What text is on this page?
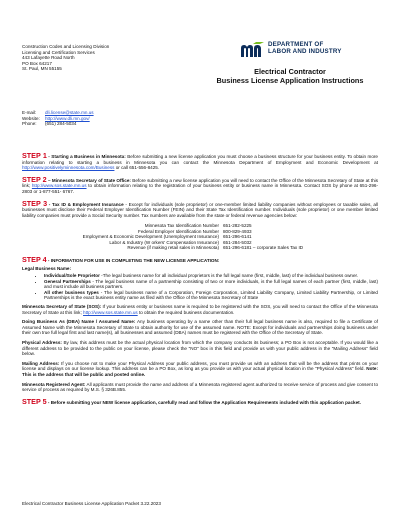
Construction Codes and Licensing Division
Licensing and Certification Services
443 Lafayette Road North
PO Box 64217
St. Paul, MN 55155
DEPARTMENT OF
LABOR AND INDUSTRY
Electrical Contractor
Business License Application Instructions
E-mail:	dli.license@state.mn.us
Website:	http://www.dli.mn.gov/
Phone:	(651) 284-5034
STEP 1 - Starting a Business in Minnesota: Before submitting a new license application you must choose a business structure for your business entity. To obtain more information relating to starting a business in Minnesota you can contact the Minnesota Department of Employment and Economic Development at http://www.positivelyminnesota.com/Business or call 651-556-8425.
STEP 2 – Minnesota Secretary of State Office: Before submitting a new license application you will need to contact the Office of the Minnesota Secretary of State at this link; http://www.sos.state.mn.us to obtain information relating to the registration of your business entity or business name in Minnesota. Contact SOS by phone at 651-296-2803 or 1-877-551- 6767.
STEP 3 - Tax ID & Employment Insurance - Except for individuals (sole proprietor) or one-member limited liability companies without employees or taxable sales, all businesses must disclose their Federal Employer Identification Number (FEIN) and their State Tax Identification number. Individuals (sole proprietor) or one member limited liability companies must provide a Social Security number. Tax numbers are available from the state or federal revenue agencies below:
Minnesota Tax Identification Number 651-282-5225
Federal Employer Identification Number 800-829-4933
Employment & Economic Development (Unemployment Insurance) 651-296-6141
Labor & Industry (W orkers' Compensation Insurance) 651-284-5032
Revenue (if making retail sales in Minnesota) 651-296-6181 – corporate Sales Tax ID
STEP 4 - INFORMATION FOR USE IN COMPLETING THE NEW LICENSE APPLICATION:
Legal Business Name:
• Individual/Sole Proprietor -The legal business name for all individual proprietors is the full legal name (first, middle, last) of the individual business owner.
• General Partnerships - The legal business name of a partnership consisting of two or more individuals, is the full legal names of each partner (first, middle, last) and must include all business partners.
• All other business types - The legal business name of a Corporation, Foreign Corporation, Limited Liability Company, Limited Liability Partnership, or Limited Partnerships is the exact business entity name as filed with the Office of the Minnesota Secretary of State
Minnesota Secretary of State (SOS): If your business entity or business name is required to be registered with the SOS, you will need to contact the Office of the Minnesota Secretary of State at this link; http://www.sos.state.mn.us to obtain the required business documentation.
Doing Business As (DBA) Name / Assumed Name: Any business operating by a name other than their full legal business name is also, required to file a Certificate of Assumed Name with the Minnesota Secretary of State to obtain authority for use of the assumed name. NOTE: Except for individuals and partnerships doing business under their own true full legal first and last name(s), all businesses and assumed (DBA) names must be registered with the Office of the Secretary of State.
Physical Address: By law, this address must be the actual physical location from which the company conducts its business; a PO Box is not acceptable. If you would like a different address to be provided to the public on your license, please check the "NO" box in this field and provide us with your public address in the "Mailing Address" field below.
Mailing Address: If you choose not to make your Physical Address your public address, you must provide us with an address that will be the address that prints on your license and displays on our license lookup. This address can be a PO Box, as long as you provide us with your actual physical location in the "Physical Address" field. Note: This is the address that will be public and posted online.
Minnesota Registered Agent: All applicants must provide the name and address of a Minnesota registered agent authorized to receive service of process and give consent to service of process as required by M.S. § 326B.855.
STEP 5 - Before submitting your NEW license application, carefully read and follow the Application Requirements included with this application packet.
Electrical Contractor Business License Application Packet 3.22.2023
